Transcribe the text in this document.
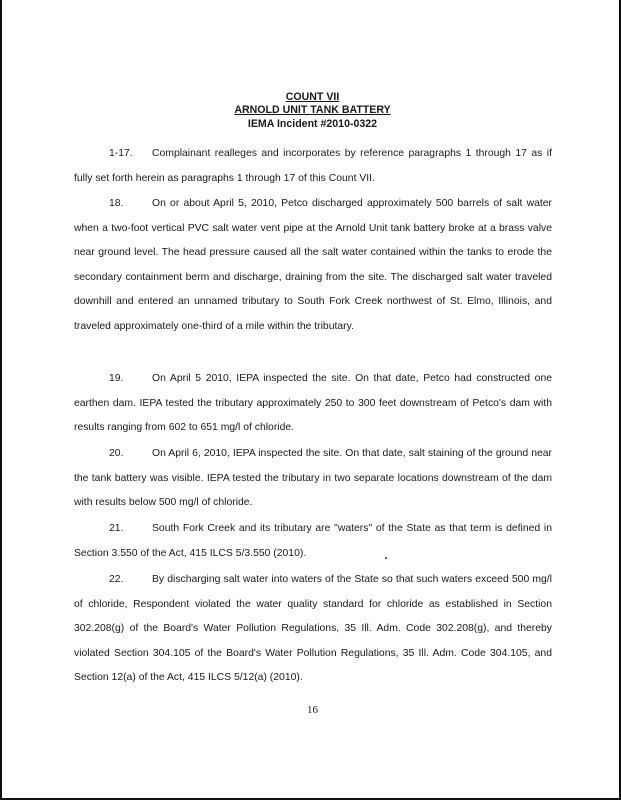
COUNT VII
ARNOLD UNIT TANK BATTERY
IEMA Incident #2010-0322

1-17. Complainant realleges and incorporates by reference paragraphs 1 through 17 as if fully set forth herein as paragraphs 1 through 17 of this Count VII.

18.	On or about April 5, 2010, Petco discharged approximately 500 barrels of salt water when a two-foot vertical PVC salt water vent pipe at the Arnold Unit tank battery broke at a brass valve near ground level. The head pressure caused all the salt water contained within the tanks to erode the secondary containment berm and discharge, draining from the site. The discharged salt water traveled downhill and entered an unnamed tributary to South Fork Creek northwest of St. Elmo, Illinois, and traveled approximately one-third of a mile within the tributary.

19.	On April 5 2010, IEPA inspected the site. On that date, Petco had constructed one earthen dam. IEPA tested the tributary approximately 250 to 300 feet downstream of Petco's dam with results ranging from 602 to 651 mg/l of chloride.

20.	On April 6, 2010, IEPA inspected the site. On that date, salt staining of the ground near the tank battery was visible. IEPA tested the tributary in two separate locations downstream of the dam with results below 500 mg/l of chloride.

21.	South Fork Creek and its tributary are "waters" of the State as that term is defined in Section 3.550 of the Act, 415 ILCS 5/3.550 (2010).

22.	By discharging salt water into waters of the State so that such waters exceed 500 mg/l of chloride, Respondent violated the water quality standard for chloride as established in Section 302.208(g) of the Board's Water Pollution Regulations, 35 Ill. Adm. Code 302.208(g), and thereby violated Section 304.105 of the Board's Water Pollution Regulations, 35 Ill. Adm. Code 304.105, and Section 12(a) of the Act, 415 ILCS 5/12(a) (2010).

16
